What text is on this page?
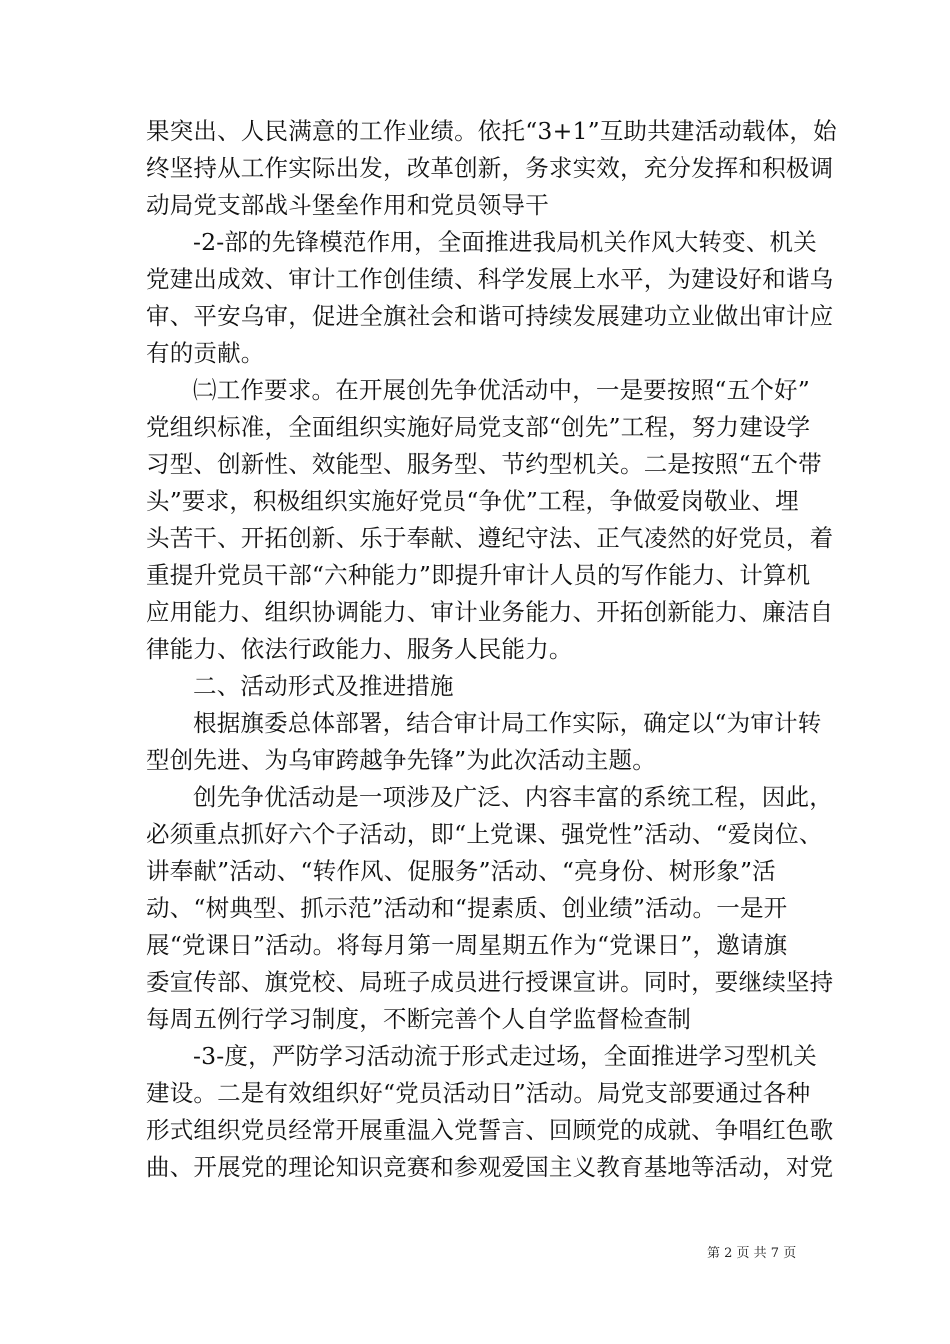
果突出、人民满意的工作业绩。依托“3+1”互助共建活动载体，始
终坚持从工作实际出发，改革创新，务求实效，充分发挥和积极调
动局党支部战斗堡垒作用和党员领导干
-2-部的先锋模范作用，全面推进我局机关作风大转变、机关
党建出成效、审计工作创佳绩、科学发展上水平，为建设好和谐乌
审、平安乌审，促进全旗社会和谐可持续发展建功立业做出审计应
有的贡献。
㈡工作要求。在开展创先争优活动中，一是要按照“五个好”
党组织标准，全面组织实施好局党支部“创先”工程，努力建设学
习型、创新性、效能型、服务型、节约型机关。二是按照“五个带
头”要求，积极组织实施好党员“争优”工程，争做爱岗敬业、埋
头苦干、开拓创新、乐于奉献、遵纪守法、正气凌然的好党员，着
重提升党员干部“六种能力”即提升审计人员的写作能力、计算机
应用能力、组织协调能力、审计业务能力、开拓创新能力、廉洁自
律能力、依法行政能力、服务人民能力。
二、活动形式及推进措施
根据旗委总体部署，结合审计局工作实际，确定以“为审计转
型创先进、为乌审跨越争先锋”为此次活动主题。
创先争优活动是一项涉及广泛、内容丰富的系统工程，因此，
必须重点抓好六个子活动，即“上党课、强党性”活动、“爱岗位、
讲奉献”活动、“转作风、促服务”活动、“亮身份、树形象”活
动、“树典型、抓示范”活动和“提素质、创业绩”活动。一是开
展“党课日”活动。将每月第一周星期五作为“党课日”，邀请旗
委宣传部、旗党校、局班子成员进行授课宣讲。同时，要继续坚持
每周五例行学习制度，不断完善个人自学监督检查制
-3-度，严防学习活动流于形式走过场，全面推进学习型机关
建设。二是有效组织好“党员活动日”活动。局党支部要通过各种
形式组织党员经常开展重温入党誓言、回顾党的成就、争唱红色歌
曲、开展党的理论知识竞赛和参观爱国主义教育基地等活动，对党
第 2 页 共 7 页
